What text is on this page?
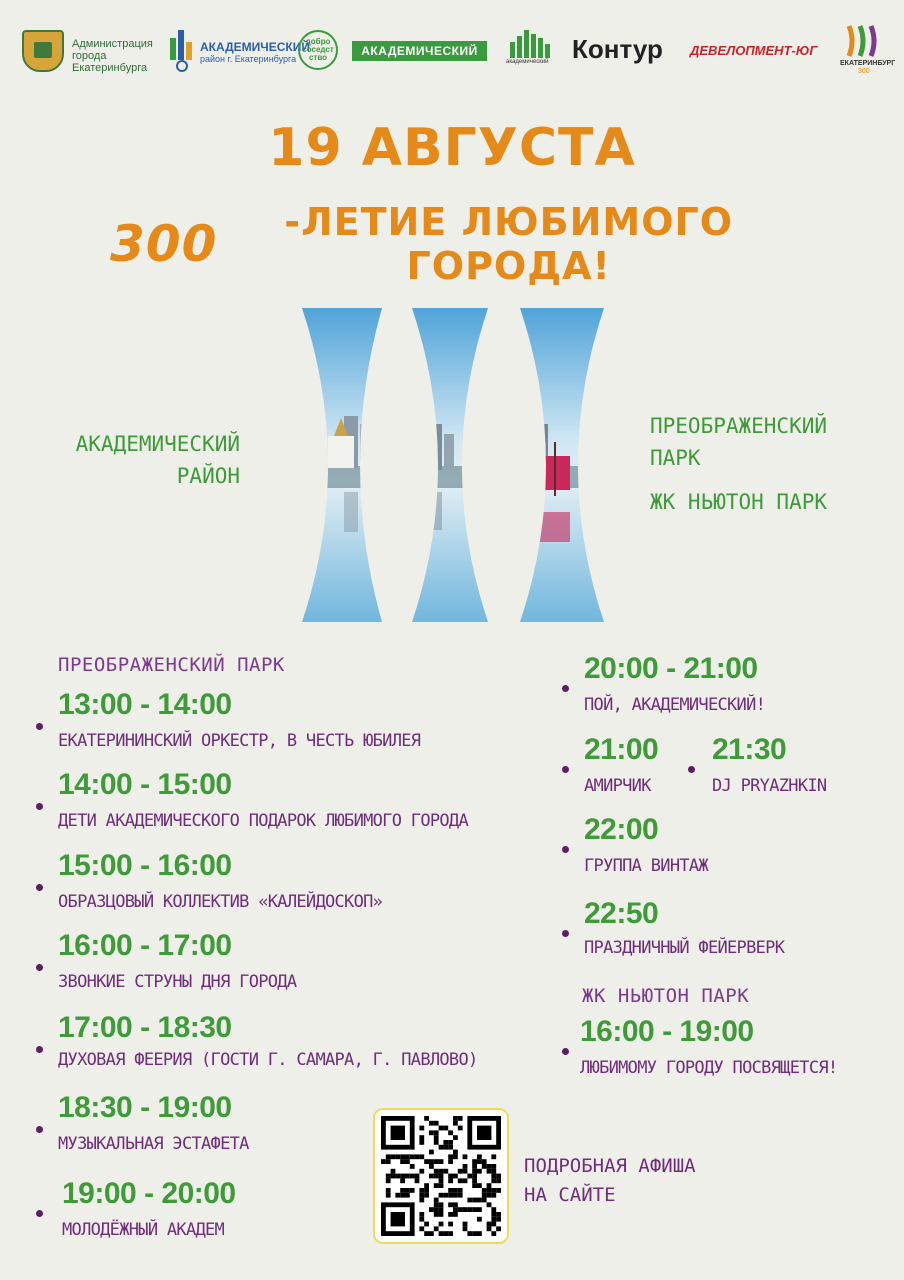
Администрация
города
Екатеринбурга
АКАДЕМИЧЕСКИЙ
район г. Екатеринбурга
добро
соседст
ство	АКАДЕМИЧЕСКИЙ
академический Контур ДЕВЕЛОПМЕНТ-ЮГ
ЕКАТЕРИНБУРГ
300
19 АВГУСТА
300	-ЛЕТИЕ ЛЮБИМОГО ГОРОДА!
АКАДЕМИЧЕСКИЙ
РАЙОН
ПРЕОБРАЖЕНСКИЙ
ПАРК
ЖК НЬЮТОН ПАРК
ПРЕОБРАЖЕНСКИЙ ПАРК
13:00 - 14:00
ЕКАТЕРИНИНСКИЙ ОРКЕСТР, В ЧЕСТЬ ЮБИЛЕЯ
14:00 - 15:00
ДЕТИ АКАДЕМИЧЕСКОГО ПОДАРОК ЛЮБИМОГО ГОРОДА
15:00 - 16:00
ОБРАЗЦОВЫЙ КОЛЛЕКТИВ «КАЛЕЙДОСКОП»
16:00 - 17:00
ЗВОНКИЕ СТРУНЫ ДНЯ ГОРОДА
17:00 - 18:30
ДУХОВАЯ ФЕЕРИЯ (ГОСТИ Г. САМАРА, Г. ПАВЛОВО)
18:30 - 19:00
МУЗЫКАЛЬНАЯ ЭСТАФЕТА
19:00 - 20:00
МОЛОДЁЖНЫЙ АКАДЕМ
20:00 - 21:00
ПОЙ, АКАДЕМИЧЕСКИЙ!
21:00
АМИРЧИК
21:30
DJ PRYAZHKIN
22:00
ГРУППА ВИНТАЖ
22:50
ПРАЗДНИЧНЫЙ ФЕЙЕРВЕРК
ЖК НЬЮТОН ПАРК
16:00 - 19:00
ЛЮБИМОМУ ГОРОДУ ПОСВЯЩЕТСЯ!
ПОДРОБНАЯ АФИША
НА САЙТЕ
